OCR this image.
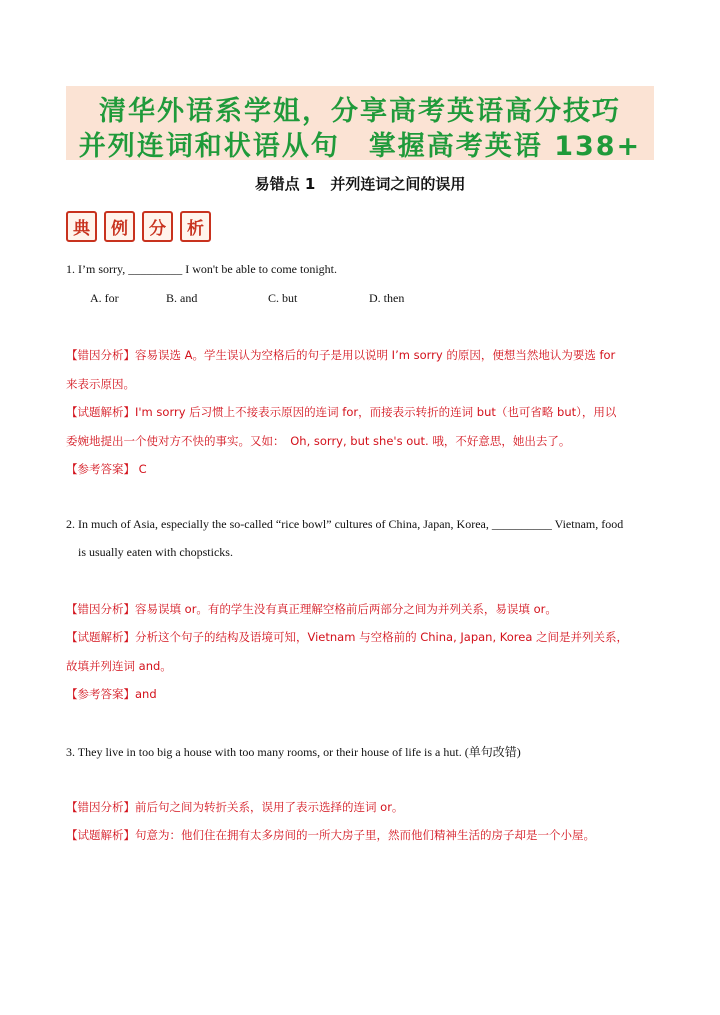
清华外语系学姐，分享高考英语高分技巧
并列连词和状语从句　掌握高考英语 138+
易错点 1　并列连词之间的误用
典	例	分	析
1. I’m sorry, _________ I won't be able to come tonight.
A. for	B. and	C. but	D. then
【错因分析】容易误选 A。学生误认为空格后的句子是用以说明 I’m sorry 的原因，便想当然地认为要选 for
来表示原因。
【试题解析】I'm sorry 后习惯上不接表示原因的连词 for，而接表示转折的连词 but（也可省略 but），用以
委婉地提出一个使对方不快的事实。又如：　Oh, sorry, but she's out. 哦，不好意思，她出去了。
【参考答案】 C
2. In much of Asia, especially the so-called “rice bowl” cultures of China, Japan, Korea, __________ Vietnam, food
is usually eaten with chopsticks.
【错因分析】容易误填 or。有的学生没有真正理解空格前后两部分之间为并列关系，易误填 or。
【试题解析】分析这个句子的结构及语境可知，Vietnam 与空格前的 China, Japan, Korea 之间是并列关系，
故填并列连词 and。
【参考答案】and
3. They live in too big a house with too many rooms, or their house of life is a hut. (单句改错)
【错因分析】前后句之间为转折关系，误用了表示选择的连词 or。
【试题解析】句意为：他们住在拥有太多房间的一所大房子里，然而他们精神生活的房子却是一个小屋。
